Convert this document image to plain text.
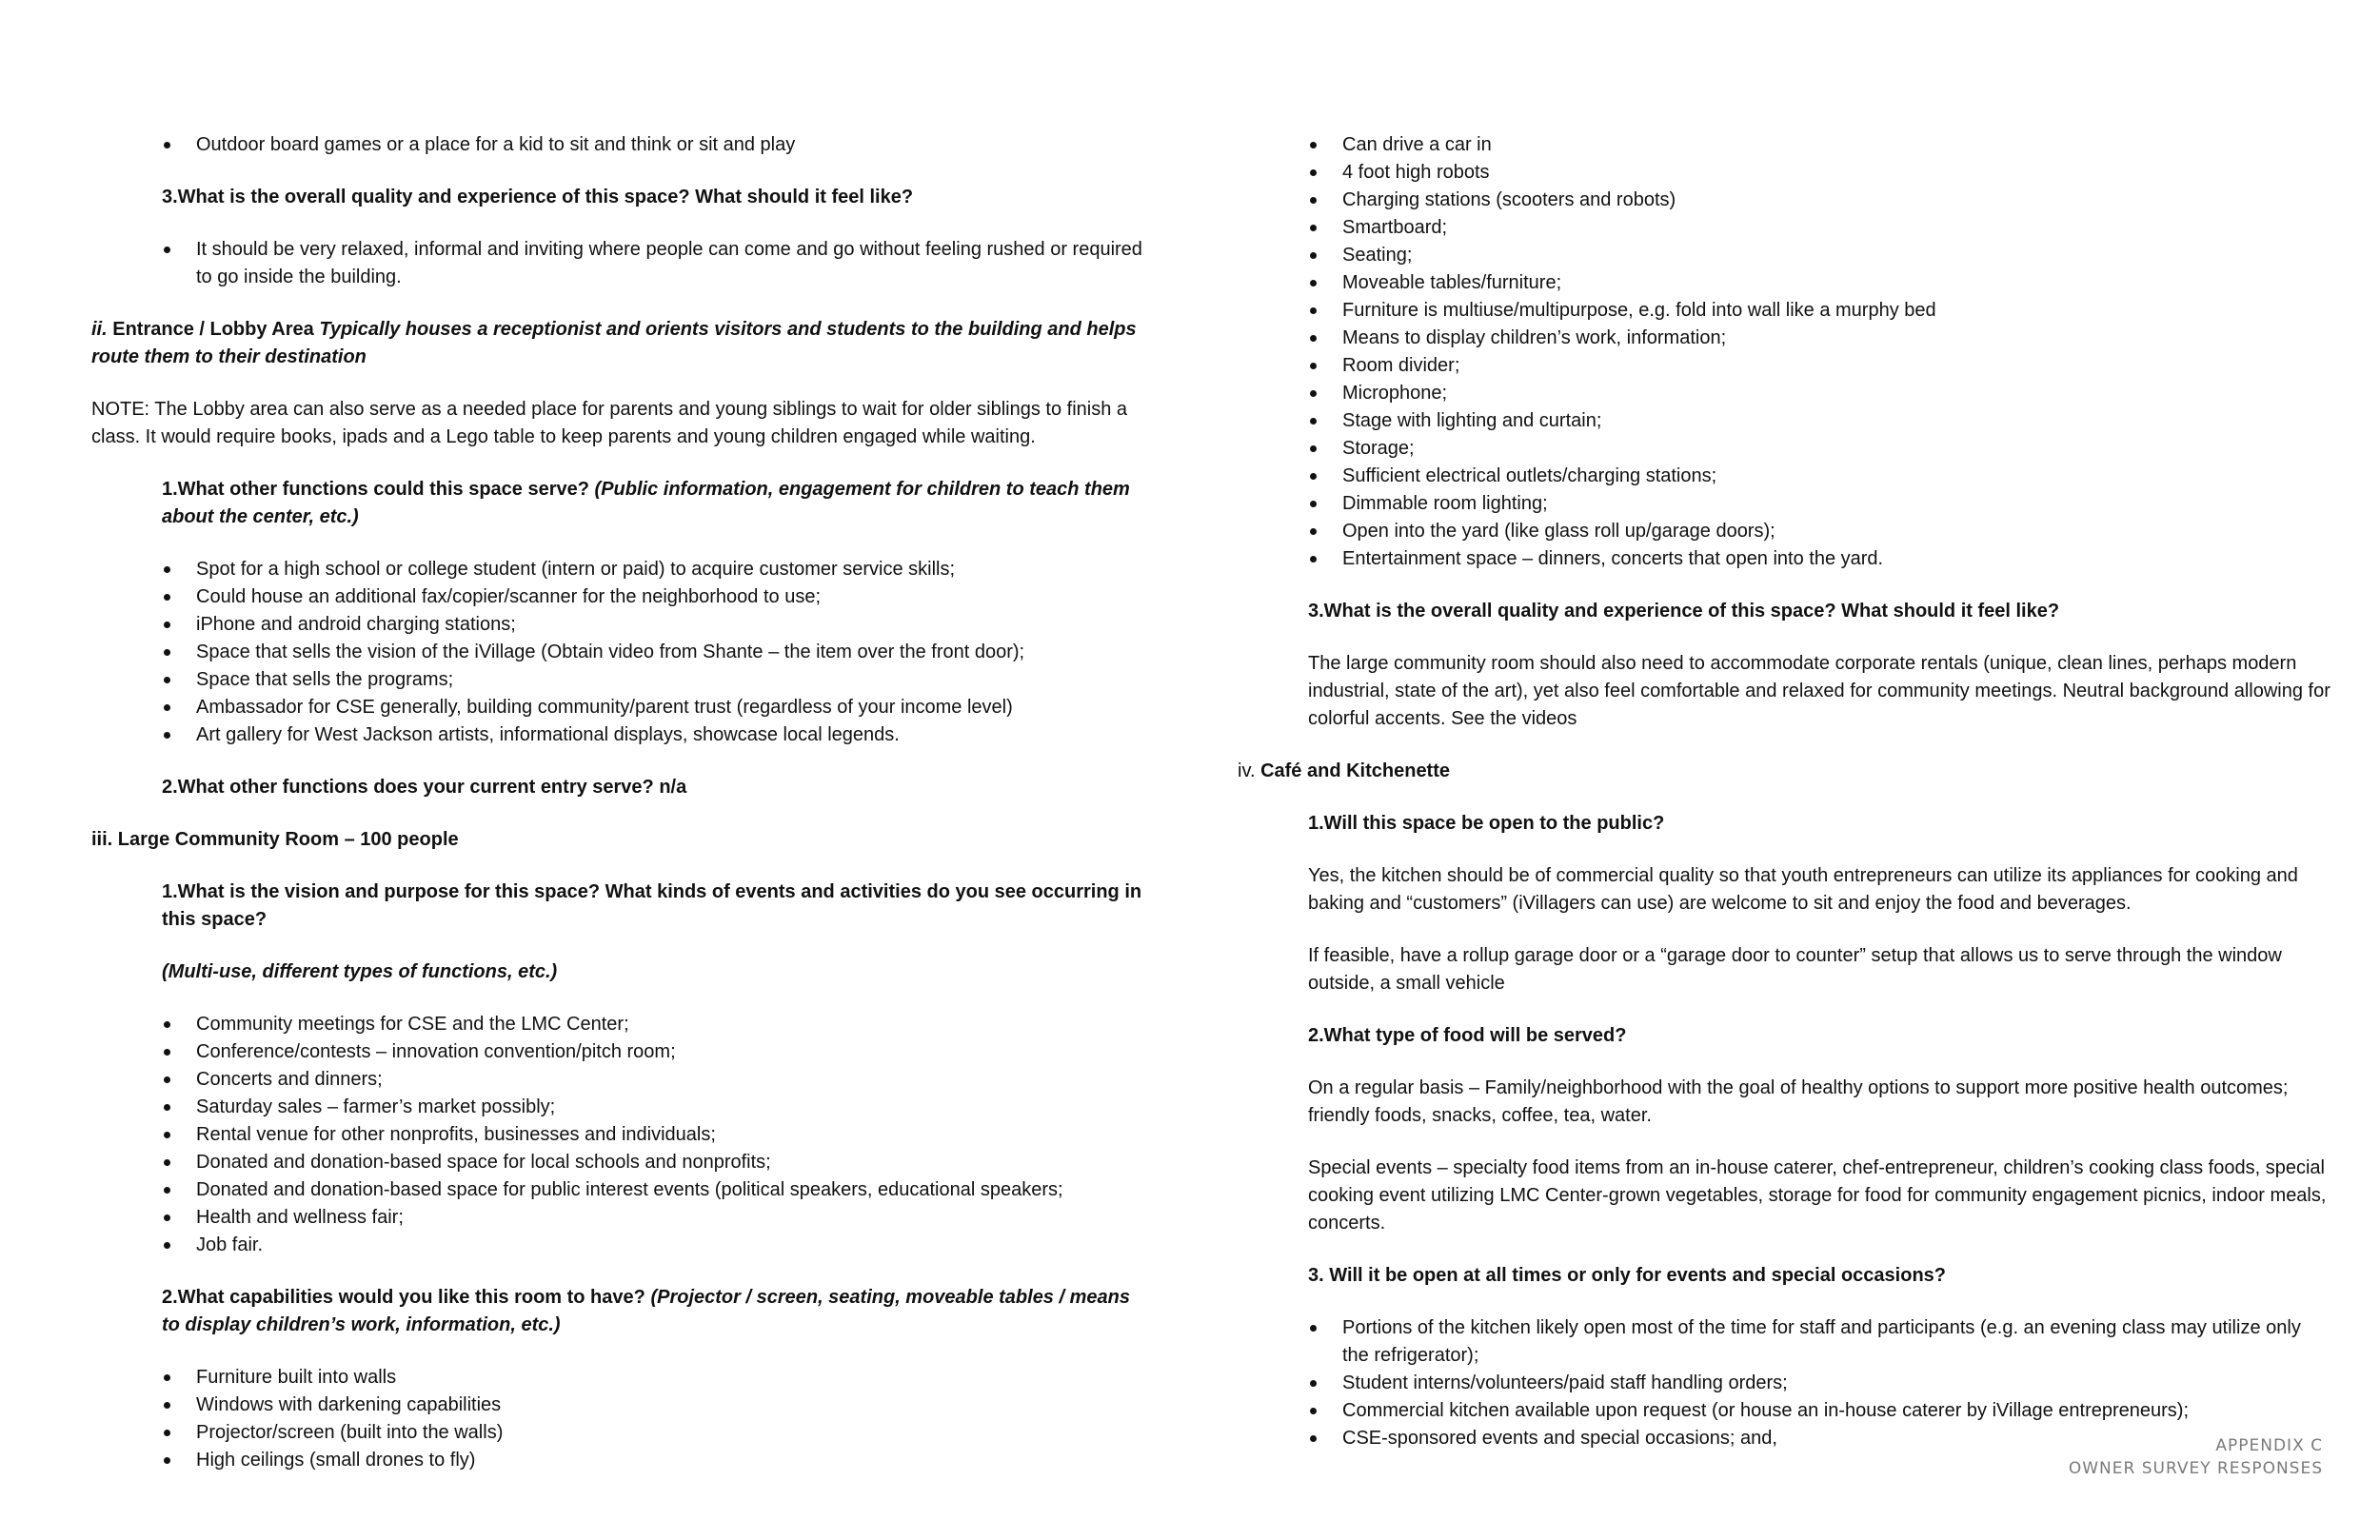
Outdoor board games or a place for a kid to sit and think or sit and play

3.What is the overall quality and experience of this space? What should it feel like?

It should be very relaxed, informal and inviting where people can come and go without feeling rushed or required to go inside the building.

ii. Entrance / Lobby Area Typically houses a receptionist and orients visitors and students to the building and helps route them to their destination

NOTE: The Lobby area can also serve as a needed place for parents and young siblings to wait for older siblings to finish a class. It would require books, ipads and a Lego table to keep parents and young children engaged while waiting.

1.What other functions could this space serve? (Public information, engagement for children to teach them about the center, etc.)

Spot for a high school or college student (intern or paid) to acquire customer service skills;
Could house an additional fax/copier/scanner for the neighborhood to use;
iPhone and android charging stations;
Space that sells the vision of the iVillage (Obtain video from Shante – the item over the front door);
Space that sells the programs;
Ambassador for CSE generally, building community/parent trust (regardless of your income level)
Art gallery for West Jackson artists, informational displays, showcase local legends.

2.What other functions does your current entry serve? n/a

iii. Large Community Room – 100 people

1.What is the vision and purpose for this space? What kinds of events and activities do you see occurring in this space?

(Multi-use, different types of functions, etc.)

Community meetings for CSE and the LMC Center;
Conference/contests – innovation convention/pitch room;
Concerts and dinners;
Saturday sales – farmer’s market possibly;
Rental venue for other nonprofits, businesses and individuals;
Donated and donation-based space for local schools and nonprofits;
Donated and donation-based space for public interest events (political speakers, educational speakers;
Health and wellness fair;
Job fair.

2.What capabilities would you like this room to have? (Projector / screen, seating, moveable tables / means to display children’s work, information, etc.)

Furniture built into walls
Windows with darkening capabilities
Projector/screen (built into the walls)
High ceilings (small drones to fly)
Can drive a car in
4 foot high robots
Charging stations (scooters and robots)
Smartboard;
Seating;
Moveable tables/furniture;
Furniture is multiuse/multipurpose, e.g. fold into wall like a murphy bed
Means to display children’s work, information;
Room divider;
Microphone;
Stage with lighting and curtain;
Storage;
Sufficient electrical outlets/charging stations;
Dimmable room lighting;
Open into the yard (like glass roll up/garage doors);
Entertainment space – dinners, concerts that open into the yard.

3.What is the overall quality and experience of this space? What should it feel like?

The large community room should also need to accommodate corporate rentals (unique, clean lines, perhaps modern industrial, state of the art), yet also feel comfortable and relaxed for community meetings. Neutral background allowing for colorful accents. See the videos

iv. Café and Kitchenette

1.Will this space be open to the public?

Yes, the kitchen should be of commercial quality so that youth entrepreneurs can utilize its appliances for cooking and baking and “customers” (iVillagers can use) are welcome to sit and enjoy the food and beverages.

If feasible, have a rollup garage door or a “garage door to counter” setup that allows us to serve through the window outside, a small vehicle

2.What type of food will be served?

On a regular basis – Family/neighborhood with the goal of healthy options to support more positive health outcomes; friendly foods, snacks, coffee, tea, water.

Special events – specialty food items from an in-house caterer, chef-entrepreneur, children’s cooking class foods, special cooking event utilizing LMC Center-grown vegetables, storage for food for community engagement picnics, indoor meals, concerts.

3. Will it be open at all times or only for events and special occasions?

Portions of the kitchen likely open most of the time for staff and participants (e.g. an evening class may utilize only the refrigerator);
Student interns/volunteers/paid staff handling orders;
Commercial kitchen available upon request (or house an in-house caterer by iVillage entrepreneurs);
CSE-sponsored events and special occasions; and,	APPENDIX C
OWNER SURVEY RESPONSES
